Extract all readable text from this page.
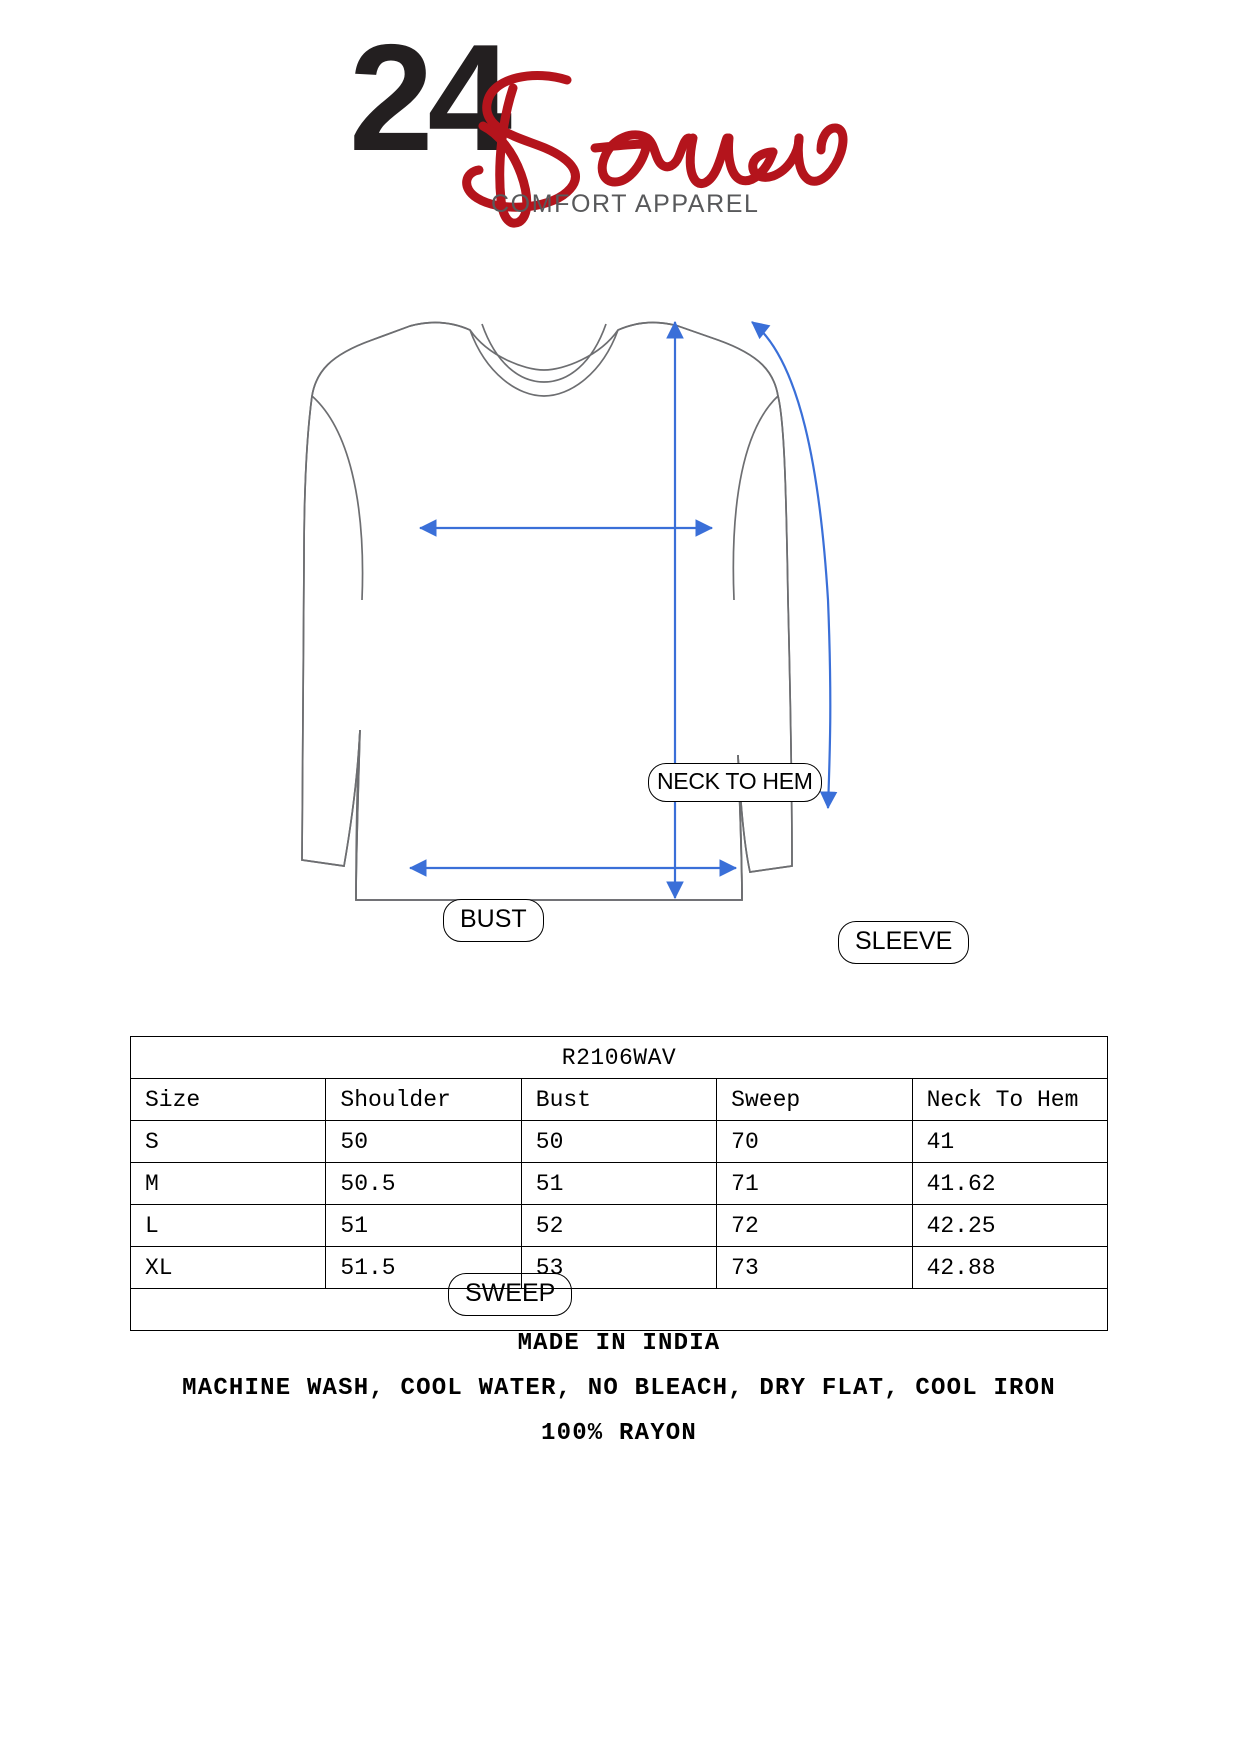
24
COMFORT APPAREL
NECK TO HEM
BUST
SLEEVE
SWEEP
R2106WAV				
Size	Shoulder	Bust	Sweep	Neck To Hem
S	50	50	70	41
M	50.5	51	71	41.62
L	51	52	72	42.25
XL	51.5	53	73	42.88

MADE IN INDIA
MACHINE WASH, COOL WATER, NO BLEACH, DRY FLAT, COOL IRON
100% RAYON
